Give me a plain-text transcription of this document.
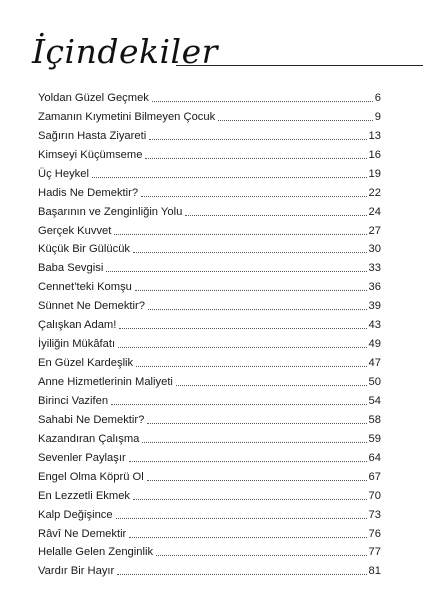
İçindekiler
Yoldan Güzel Geçmek	6
Zamanın Kıymetini Bilmeyen Çocuk	9
Sağırın Hasta Ziyareti	13
Kimseyi Küçümseme	16
Üç Heykel	19
Hadis Ne Demektir?	22
Başarının ve Zenginliğin Yolu	24
Gerçek Kuvvet	27
Küçük Bir Gülücük	30
Baba Sevgisi	33
Cennet’teki Komşu	36
Sünnet Ne Demektir?	39
Çalışkan Adam!	43
İyiliğin Mükâfatı	49
En Güzel Kardeşlik	47
Anne Hizmetlerinin Maliyeti	50
Birinci Vazifen	54
Sahabi Ne Demektir?	58
Kazandıran Çalışma	59
Sevenler Paylaşır	64
Engel Olma Köprü Ol	67
En Lezzetli Ekmek	70
Kalp Değişince	73
Râvî Ne Demektir	76
Helalle Gelen Zenginlik	77
Vardır Bir Hayır	81
